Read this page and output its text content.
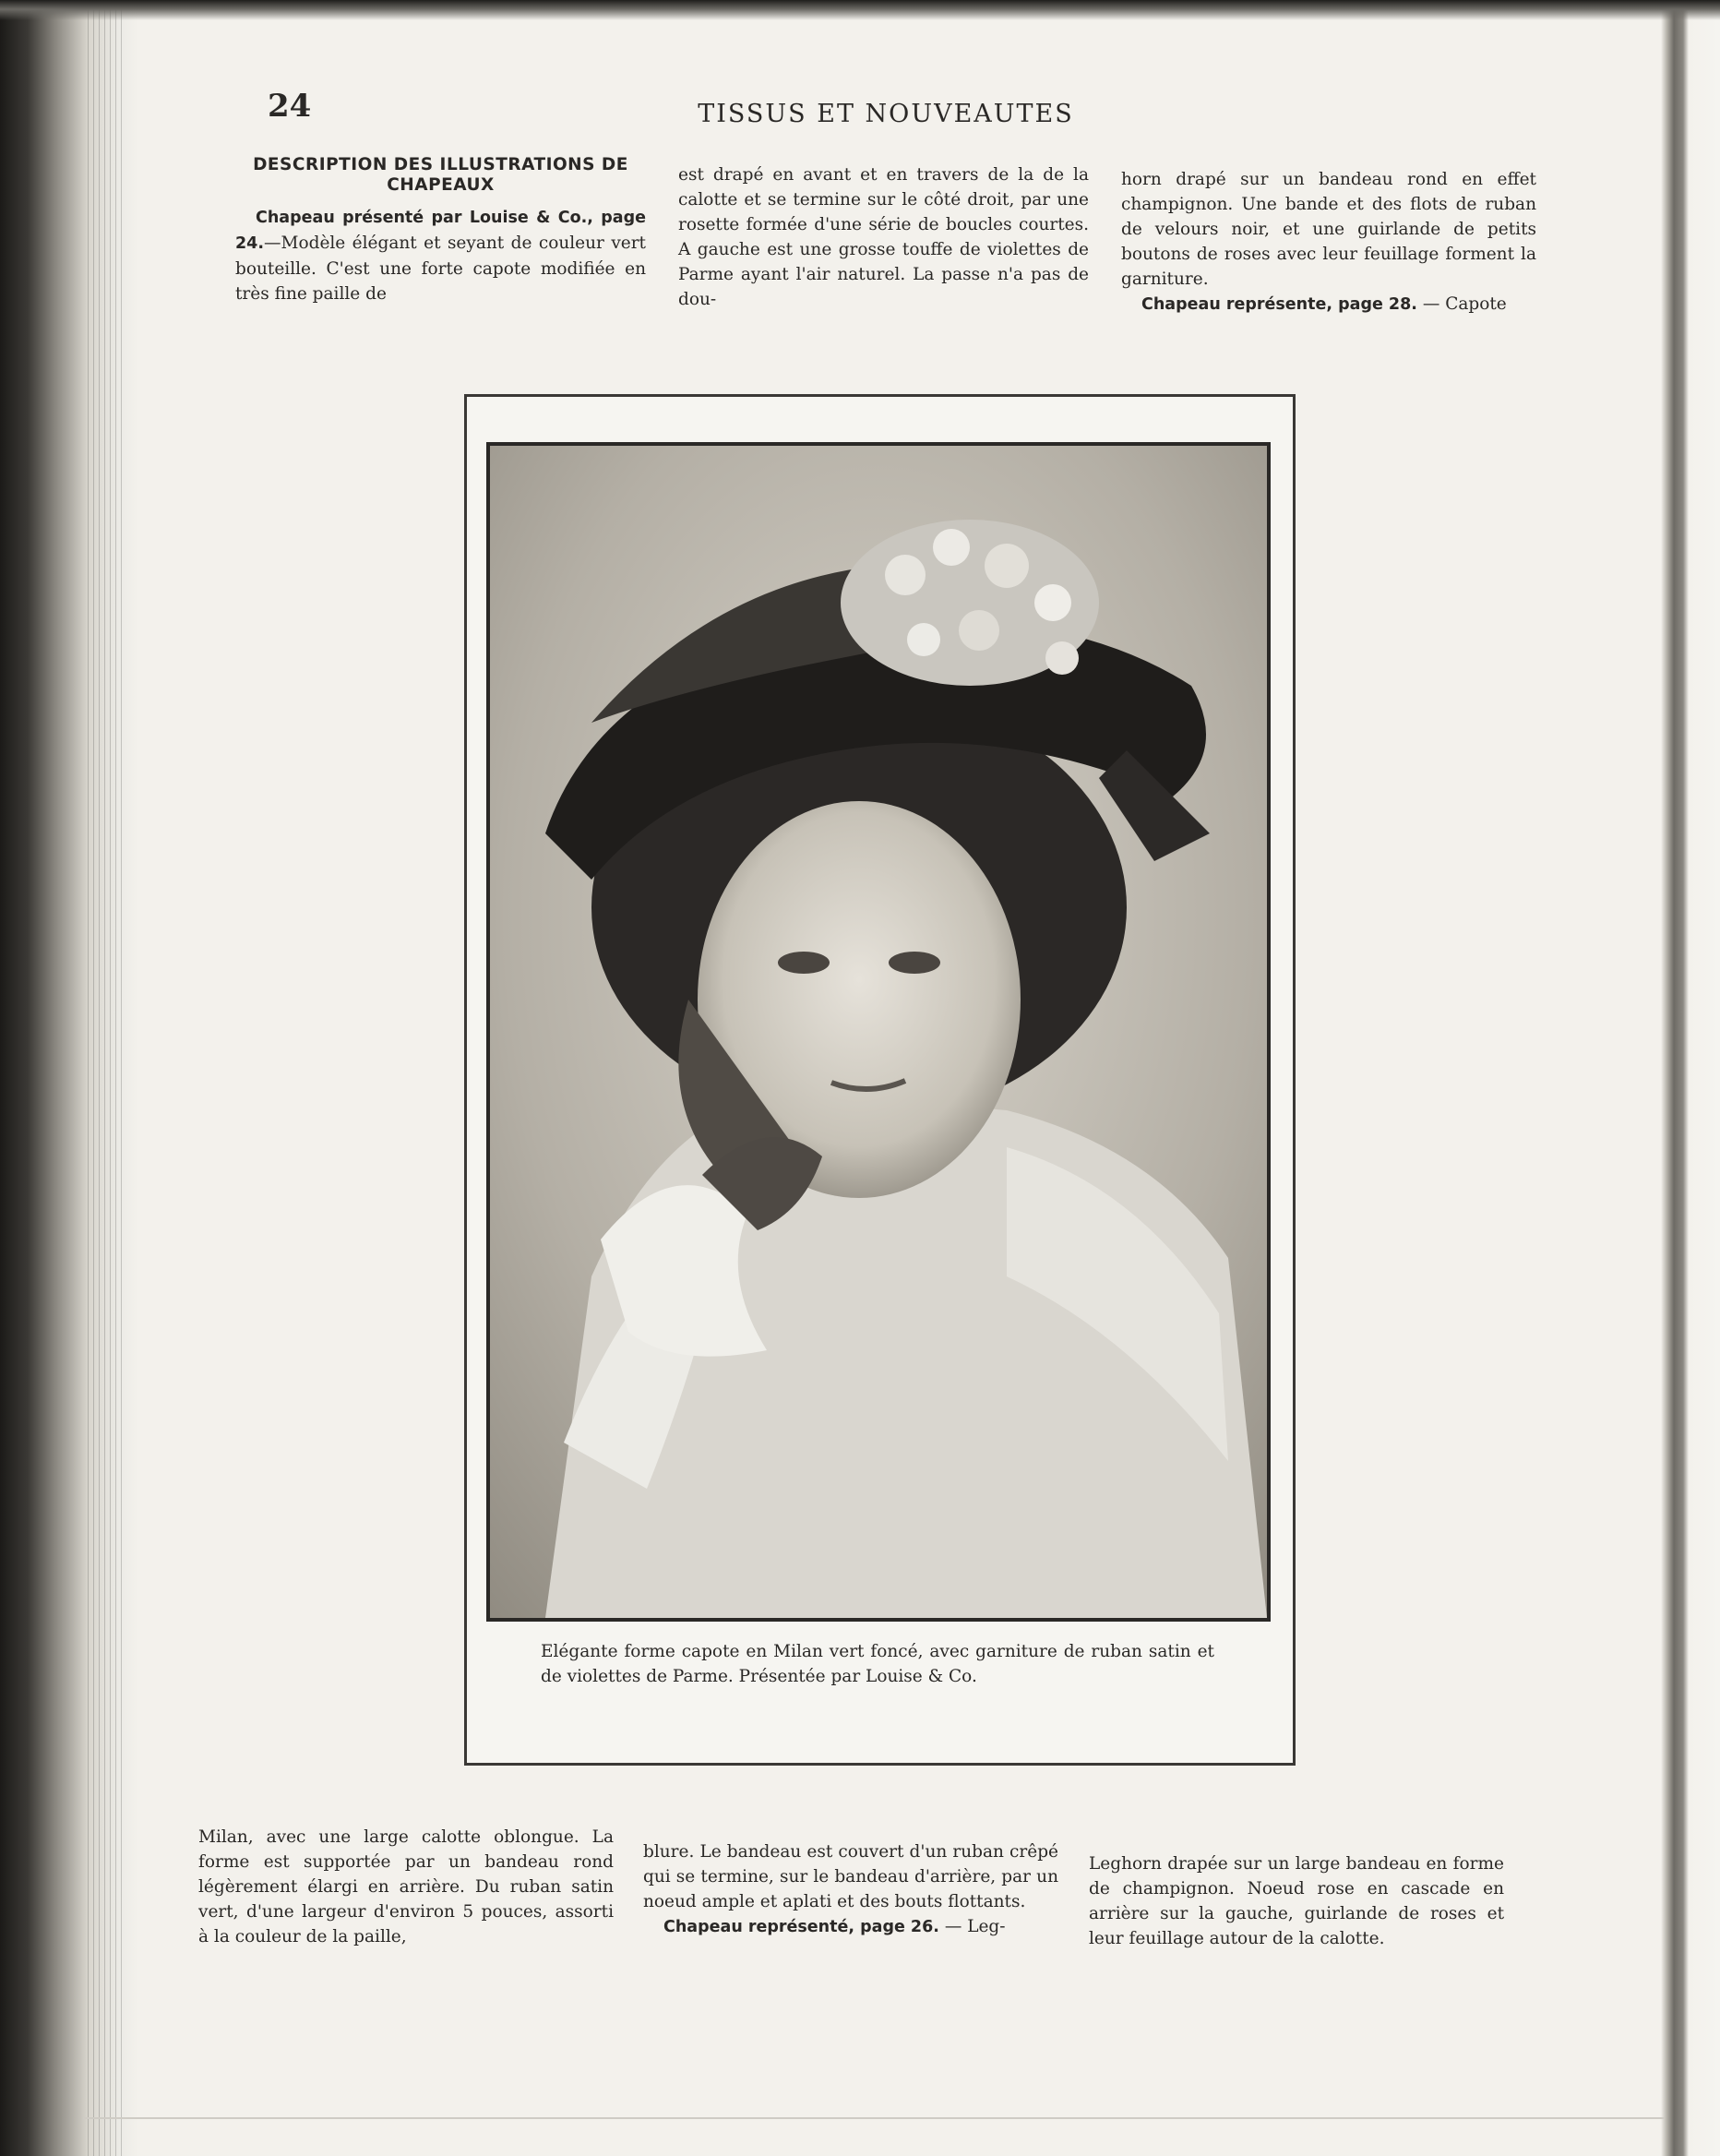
24	TISSUS ET NOUVEAUTES
DESCRIPTION DES ILLUSTRATIONS DE CHAPEAUX

Chapeau présenté par Louise & Co., page 24.—Modèle élégant et seyant de couleur vert bouteille. C'est une forte capote modifiée en très fine paille de

est drapé en avant et en travers de la de la calotte et se termine sur le côté droit, par une rosette formée d'une série de boucles courtes. A gauche est une grosse touffe de violettes de Parme ayant l'air naturel. La passe n'a pas de dou-

horn drapé sur un bandeau rond en effet champignon. Une bande et des flots de ruban de velours noir, et une guirlande de petits boutons de roses avec leur feuillage forment la garniture.

Chapeau représente, page 28. — Capote

Elégante forme capote en Milan vert foncé, avec garniture de ruban satin et de violettes de Parme. Présentée par Louise & Co.

Milan, avec une large calotte oblongue. La forme est supportée par un bandeau rond légèrement élargi en arrière. Du ruban satin vert, d'une largeur d'environ 5 pouces, assorti à la couleur de la paille,

blure. Le bandeau est couvert d'un ruban crêpé qui se termine, sur le bandeau d'arrière, par un noeud ample et aplati et des bouts flottants.

Chapeau représenté, page 26. — Leg-

Leghorn drapée sur un large bandeau en forme de champignon. Noeud rose en cascade en arrière sur la gauche, guirlande de roses et leur feuillage autour de la calotte.
